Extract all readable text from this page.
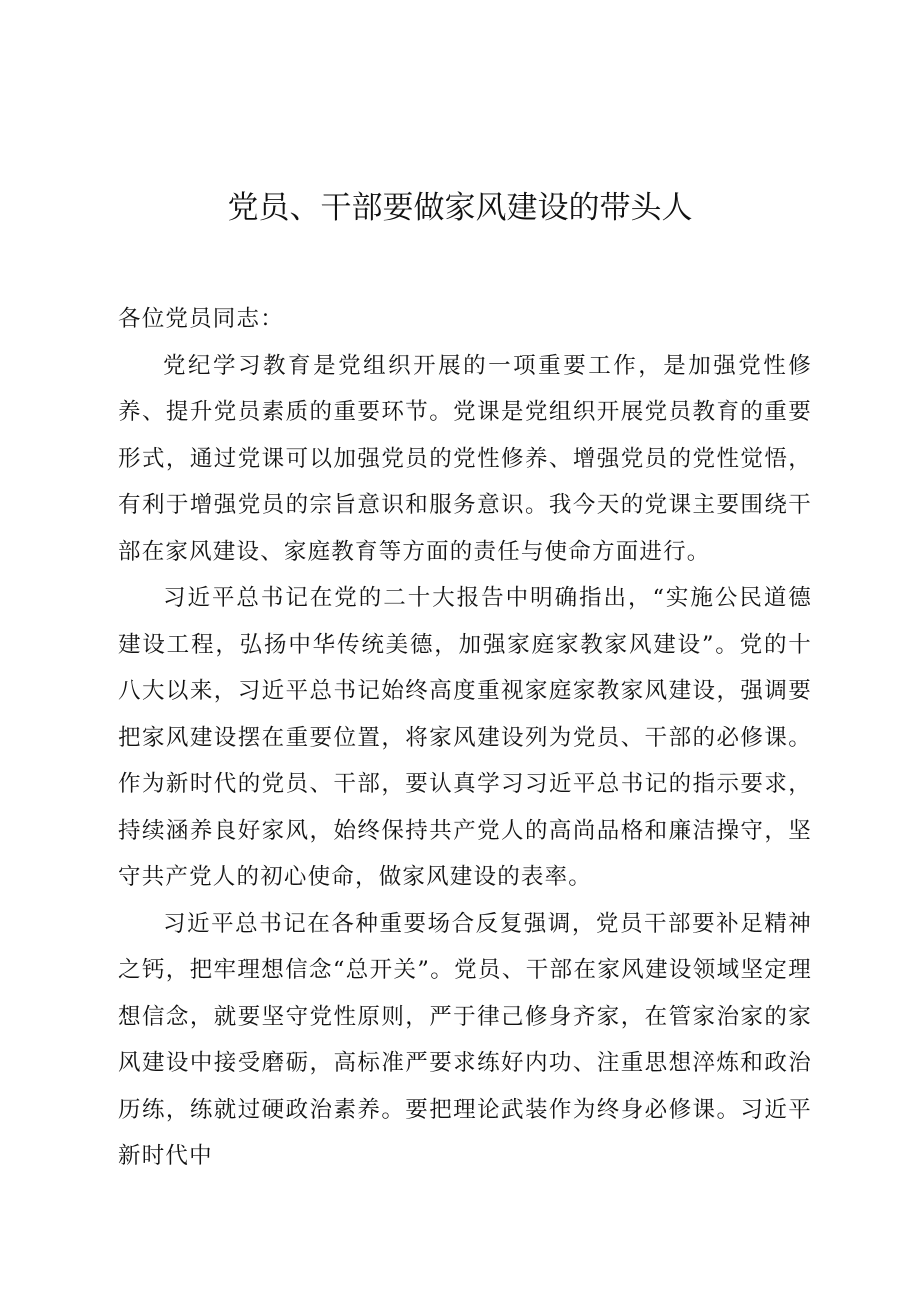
党员、干部要做家风建设的带头人

各位党员同志：

党纪学习教育是党组织开展的一项重要工作，是加强党性修养、提升党员素质的重要环节。党课是党组织开展党员教育的重要形式，通过党课可以加强党员的党性修养、增强党员的党性觉悟，有利于增强党员的宗旨意识和服务意识。我今天的党课主要围绕干部在家风建设、家庭教育等方面的责任与使命方面进行。

习近平总书记在党的二十大报告中明确指出，“实施公民道德建设工程，弘扬中华传统美德，加强家庭家教家风建设”。党的十八大以来，习近平总书记始终高度重视家庭家教家风建设，强调要把家风建设摆在重要位置，将家风建设列为党员、干部的必修课。作为新时代的党员、干部，要认真学习习近平总书记的指示要求，持续涵养良好家风，始终保持共产党人的高尚品格和廉洁操守，坚守共产党人的初心使命，做家风建设的表率。

习近平总书记在各种重要场合反复强调，党员干部要补足精神之钙，把牢理想信念“总开关”。党员、干部在家风建设领域坚定理想信念，就要坚守党性原则，严于律己修身齐家，在管家治家的家风建设中接受磨砺，高标准严要求练好内功、注重思想淬炼和政治历练，练就过硬政治素养。要把理论武装作为终身必修课。习近平新时代中
